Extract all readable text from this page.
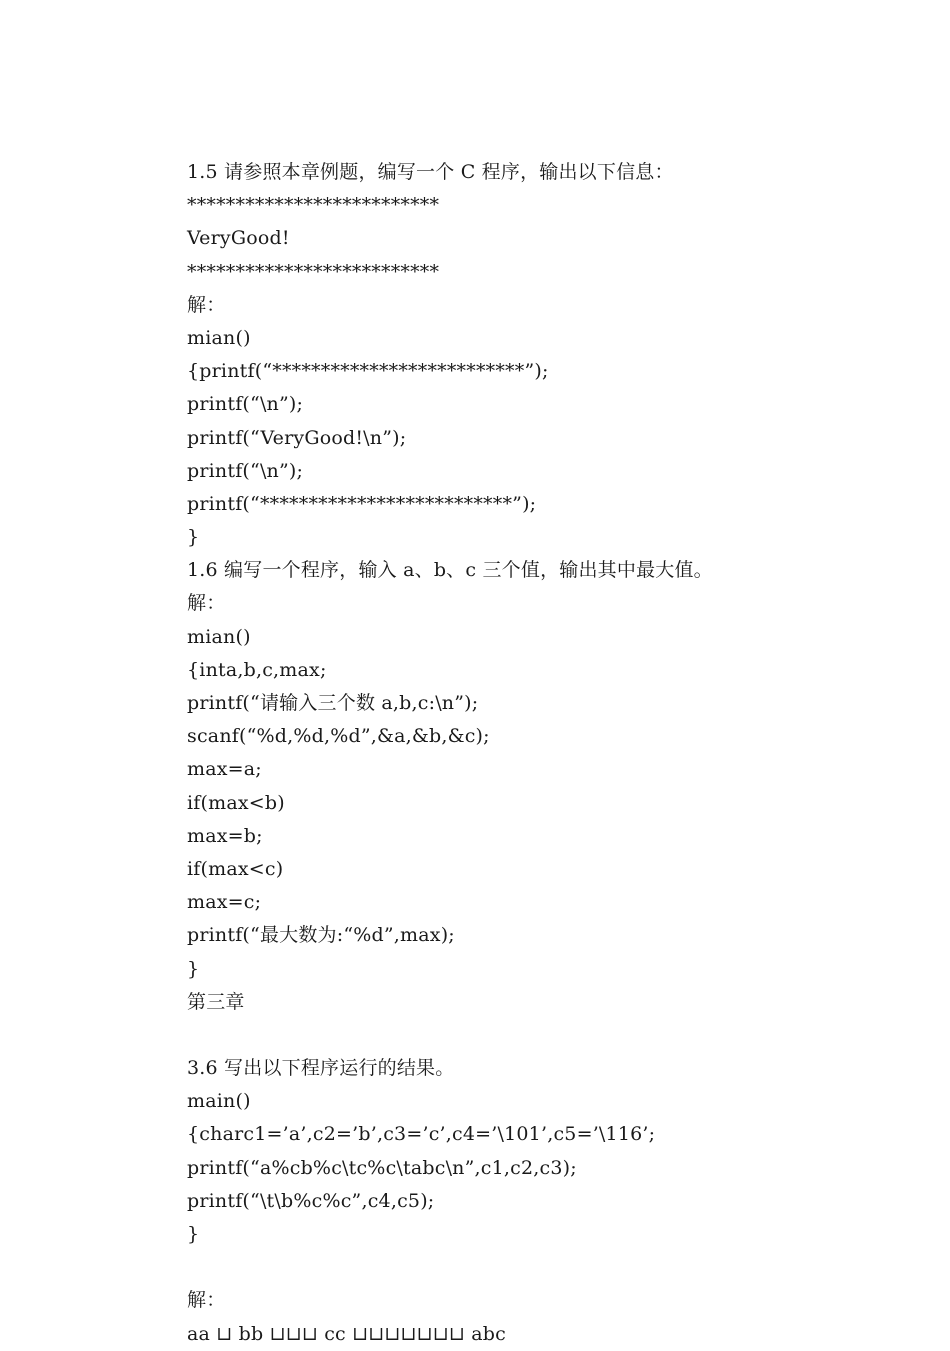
1.5 请参照本章例题，编写一个 C 程序，输出以下信息：
**************************
VeryGood!
**************************
解：
mian()
{printf(“**************************”);
printf(“\n”);
printf(“VeryGood!\n”);
printf(“\n”);
printf(“**************************”);
}
1.6 编写一个程序，输入 a、b、c 三个值，输出其中最大值。
解：
mian()
{inta,b,c,max;
printf(“请输入三个数 a,b,c:\n”);
scanf(“%d,%d,%d”,&a,&b,&c);
max=a;
if(max<b)
max=b;
if(max<c)
max=c;
printf(“最大数为:“%d”,max);
}
第三章
3.6 写出以下程序运行的结果。
main()
{charc1=’a’,c2=’b’,c3=’c’,c4=’\101’,c5=’\116’;
printf(“a%cb%c\tc%c\tabc\n”,c1,c2,c3);
printf(“\t\b%c%c”,c4,c5);
}
解：
aa ⊔ bb ⊔⊔⊔ cc ⊔⊔⊔⊔⊔⊔⊔ abc
